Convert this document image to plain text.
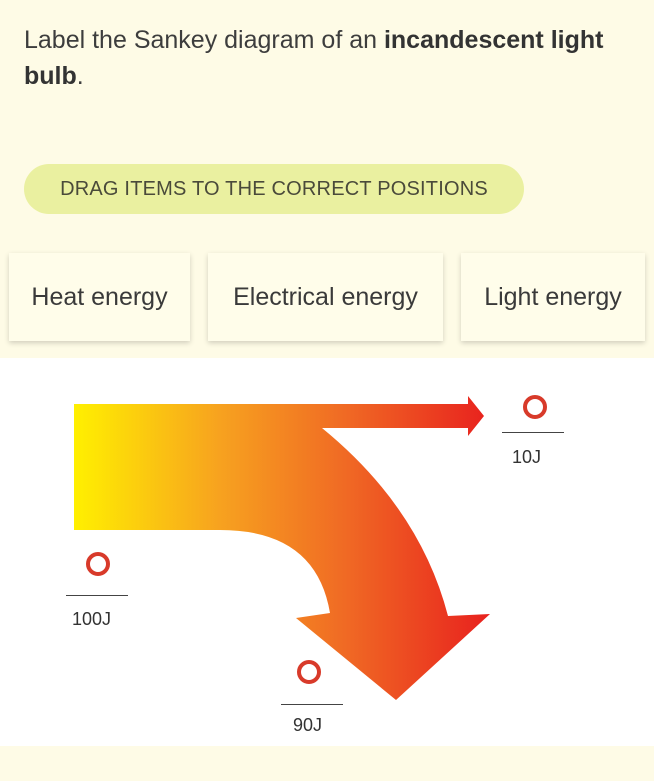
Label the Sankey diagram of an incandescent light bulb.
DRAG ITEMS TO THE CORRECT POSITIONS
Heat energy	Electrical energy	Light energy
10J
100J
90J
